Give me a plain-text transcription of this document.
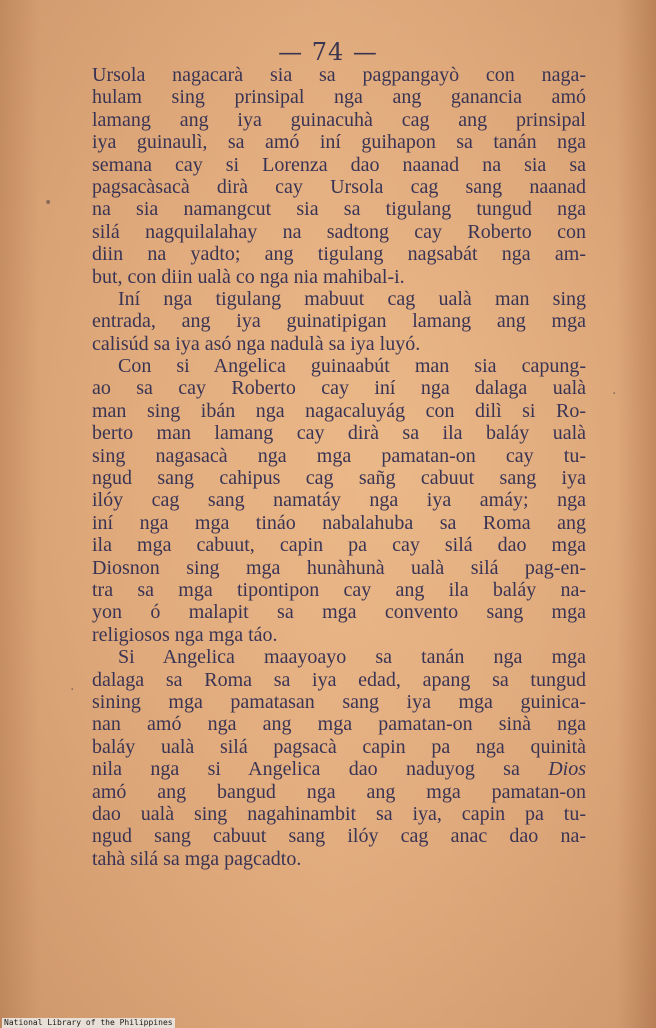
— 74 —
•
·
·
Ursola nagacarà sia sa pagpangayò con naga-
hulam sing prinsipal nga ang ganancia amó
lamang ang iya guinacuhà cag ang prinsipal
iya guinaulì, sa amó iní guihapon sa tanán nga
semana cay si Lorenza dao naanad na sia sa
pagsacàsacà dirà cay Ursola cag sang naanad
na sia namangcut sia sa tigulang tungud nga
silá nagquilalahay na sadtong cay Roberto con
diin na yadto; ang tigulang nagsabát nga am-
but, con diin ualà co nga nia mahibal-i.
Iní nga tigulang mabuut cag ualà man sing
entrada, ang iya guinatipigan lamang ang mga
calisúd sa iya asó nga nadulà sa iya luyó.
Con si Angelica guinaabút man sia capung-
ao sa cay Roberto cay iní nga dalaga ualà
man sing ibán nga nagacaluyág con dilì si Ro-
berto man lamang cay dirà sa ila baláy ualà
sing nagasacà nga mga pamatan-on cay tu-
ngud sang cahipus cag sañg cabuut sang iya
ilóy cag sang namatáy nga iya amáy; nga
iní nga mga tináo nabalahuba sa Roma ang
ila mga cabuut, capin pa cay silá dao mga
Diosnon sing mga hunàhunà ualà silá pag-en-
tra sa mga tipontipon cay ang ila baláy na-
yon ó malapit sa mga convento sang mga
religiosos nga mga táo.
Si Angelica maayoayo sa tanán nga mga
dalaga sa Roma sa iya edad, apang sa tungud
sining mga pamatasan sang iya mga guinica-
nan amó nga ang mga pamatan-on sinà nga
baláy ualà silá pagsacà capin pa nga quinità
nila nga si Angelica dao naduyog sa Dios
amó ang bangud nga ang mga pamatan-on
dao ualà sing nagahinambit sa iya, capin pa tu-
ngud sang cabuut sang ilóy cag anac dao na-
tahà silá sa mga pagcadto.
National Library of the Philippines
